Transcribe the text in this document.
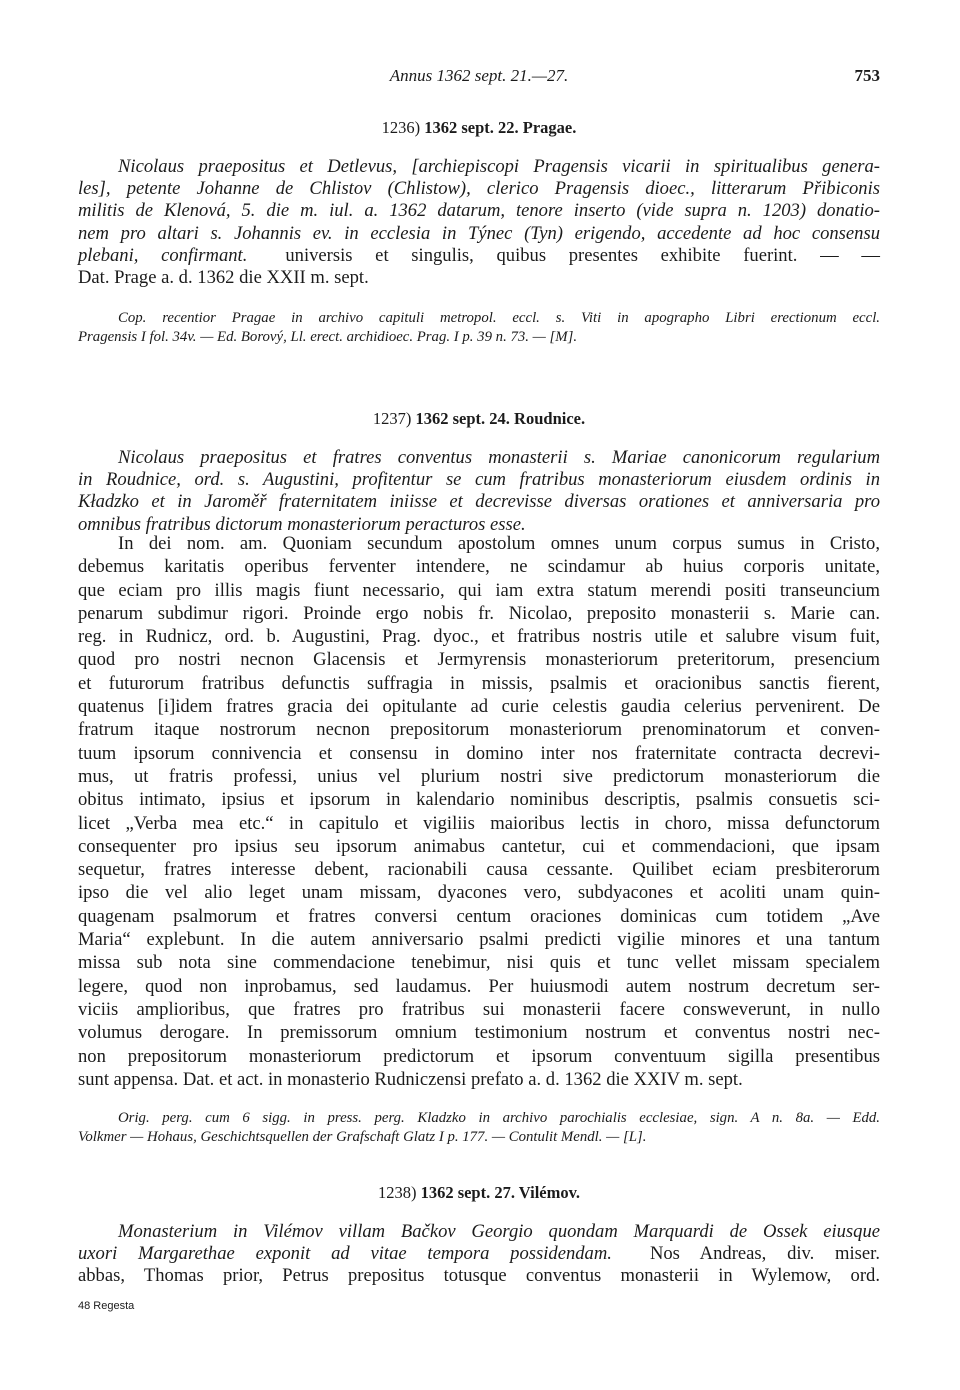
Annus 1362 sept. 21.—27.	753
1236) 1362 sept. 22. Pragae.
Nicolaus praepositus et Detlevus, [archiepiscopi Pragensis vicarii in spiritualibus genera-
les], petente Johanne de Chlistov (Chlistow), clerico Pragensis dioec., litterarum Přibiconis
militis de Klenová, 5. die m. iul. a. 1362 datarum, tenore inserto (vide supra n. 1203) donatio-
nem pro altari s. Johannis ev. in ecclesia in Týnec (Tyn) erigendo, accedente ad hoc consensu
plebani, confirmant. universis et singulis, quibus presentes exhibite fuerint. — —
Dat. Prage a. d. 1362 die XXII m. sept.
Cop. recentior Pragae in archivo capituli metropol. eccl. s. Viti in apographo Libri erectionum eccl.
Pragensis I fol. 34v. — Ed. Borový, Ll. erect. archidioec. Prag. I p. 39 n. 73. — [M].
1237) 1362 sept. 24. Roudnice.
Nicolaus praepositus et fratres conventus monasterii s. Mariae canonicorum regularium
in Roudnice, ord. s. Augustini, profitentur se cum fratribus monasteriorum eiusdem ordinis in
Kładzko et in Jaroměř fraternitatem iniisse et decrevisse diversas orationes et anniversaria pro
omnibus fratribus dictorum monasteriorum peracturos esse.
In dei nom. am. Quoniam secundum apostolum omnes unum corpus sumus in Cristo,
debemus karitatis operibus ferventer intendere, ne scindamur ab huius corporis unitate,
que eciam pro illis magis fiunt necessario, qui iam extra statum merendi positi transeuncium
penarum subdimur rigori. Proinde ergo nobis fr. Nicolao, preposito monasterii s. Marie can.
reg. in Rudnicz, ord. b. Augustini, Prag. dyoc., et fratribus nostris utile et salubre visum fuit,
quod pro nostri necnon Glacensis et Jermyrensis monasteriorum preteritorum, presencium
et futurorum fratribus defunctis suffragia in missis, psalmis et oracionibus sanctis fierent,
quatenus [i]idem fratres gracia dei opitulante ad curie celestis gaudia celerius pervenirent. De
fratrum itaque nostrorum necnon prepositorum monasteriorum prenominatorum et conven-
tuum ipsorum connivencia et consensu in domino inter nos fraternitate contracta decrevi-
mus, ut fratris professi, unius vel plurium nostri sive predictorum monasteriorum die
obitus intimato, ipsius et ipsorum in kalendario nominibus descriptis, psalmis consuetis sci-
licet „Verba mea etc.“ in capitulo et vigiliis maioribus lectis in choro, missa defunctorum
consequenter pro ipsius seu ipsorum animabus cantetur, cui et commendacioni, que ipsam
sequetur, fratres interesse debent, racionabili causa cessante. Quilibet eciam presbiterorum
ipso die vel alio leget unam missam, dyacones vero, subdyacones et acoliti unam quin-
quagenam psalmorum et fratres conversi centum oraciones dominicas cum totidem „Ave
Maria“ explebunt. In die autem anniversario psalmi predicti vigilie minores et una tantum
missa sub nota sine commendacione tenebimur, nisi quis et tunc vellet missam specialem
legere, quod non inprobamus, sed laudamus. Per huiusmodi autem nostrum decretum ser-
viciis amplioribus, que fratres pro fratribus sui monasterii facere consweverunt, in nullo
volumus derogare. In premissorum omnium testimonium nostrum et conventus nostri nec-
non prepositorum monasteriorum predictorum et ipsorum conventuum sigilla presentibus
sunt appensa. Dat. et act. in monasterio Rudniczensi prefato a. d. 1362 die XXIV m. sept.
Orig. perg. cum 6 sigg. in press. perg. Kladzko in archivo parochialis ecclesiae, sign. A n. 8a. — Edd.
Volkmer — Hohaus, Geschichtsquellen der Grafschaft Glatz I p. 177. — Contulit Mendl. — [L].
1238) 1362 sept. 27. Vilémov.
Monasterium in Vilémov villam Bačkov Georgio quondam Marquardi de Ossek eiusque
uxori Margarethae exponit ad vitae tempora possidendam. Nos Andreas, div. miser.
abbas, Thomas prior, Petrus prepositus totusque conventus monasterii in Wylemow, ord.
48 Regesta
